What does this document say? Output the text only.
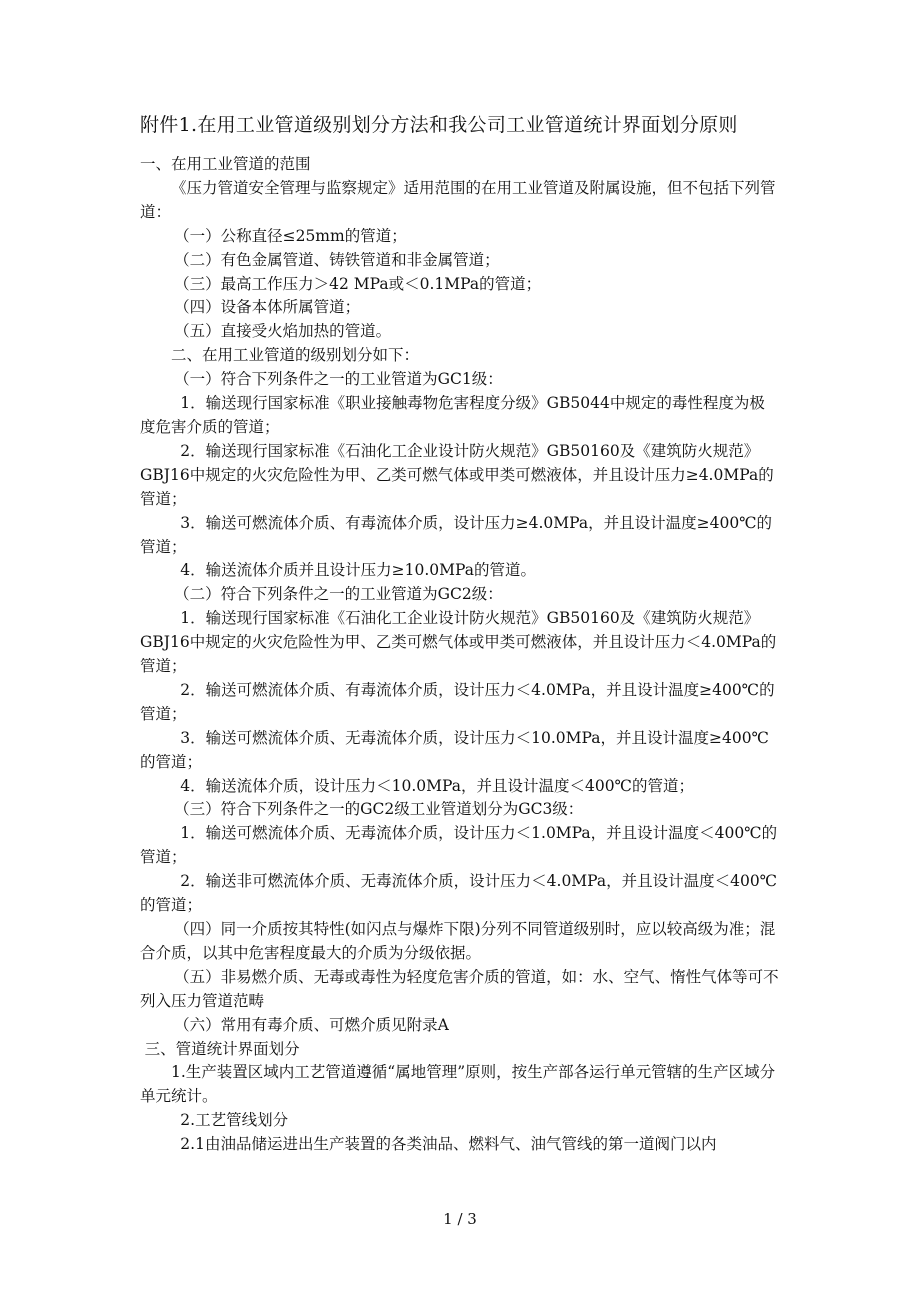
附件1.在用工业管道级别划分方法和我公司工业管道统计界面划分原则

一、在用工业管道的范围

《压力管道安全管理与监察规定》适用范围的在用工业管道及附属设施，但不包括下列管道：

（一）公称直径≤25mm的管道；

（二）有色金属管道、铸铁管道和非金属管道；

（三）最高工作压力＞42 MPa或＜0.1MPa的管道；

（四）设备本体所属管道；

（五）直接受火焰加热的管道。

二、在用工业管道的级别划分如下：

（一）符合下列条件之一的工业管道为GC1级：

1．输送现行国家标准《职业接触毒物危害程度分级》GB5044中规定的毒性程度为极度危害介质的管道；

2．输送现行国家标准《石油化工企业设计防火规范》GB50160及《建筑防火规范》GBJ16中规定的火灾危险性为甲、乙类可燃气体或甲类可燃液体，并且设计压力≥4.0MPa的管道；

3．输送可燃流体介质、有毒流体介质，设计压力≥4.0MPa，并且设计温度≥400℃的管道；

4．输送流体介质并且设计压力≥10.0MPa的管道。

（二）符合下列条件之一的工业管道为GC2级：

1．输送现行国家标准《石油化工企业设计防火规范》GB50160及《建筑防火规范》GBJ16中规定的火灾危险性为甲、乙类可燃气体或甲类可燃液体，并且设计压力＜4.0MPa的管道；

2．输送可燃流体介质、有毒流体介质，设计压力＜4.0MPa，并且设计温度≥400℃的管道；

3．输送可燃流体介质、无毒流体介质，设计压力＜10.0MPa，并且设计温度≥400℃的管道；

4．输送流体介质，设计压力＜10.0MPa，并且设计温度＜400℃的管道；

（三）符合下列条件之一的GC2级工业管道划分为GC3级：

1．输送可燃流体介质、无毒流体介质，设计压力＜1.0MPa，并且设计温度＜400℃的管道；

2．输送非可燃流体介质、无毒流体介质，设计压力＜4.0MPa，并且设计温度＜400℃的管道；

（四）同一介质按其特性(如闪点与爆炸下限)分列不同管道级别时，应以较高级为准；混合介质，以其中危害程度最大的介质为分级依据。

（五）非易燃介质、无毒或毒性为轻度危害介质的管道，如：水、空气、惰性气体等可不列入压力管道范畴

（六）常用有毒介质、可燃介质见附录A

三、管道统计界面划分

1.生产装置区域内工艺管道遵循“属地管理”原则，按生产部各运行单元管辖的生产区域分单元统计。

2.工艺管线划分

2.1由油品储运进出生产装置的各类油品、燃料气、油气管线的第一道阀门以内

1 / 3
